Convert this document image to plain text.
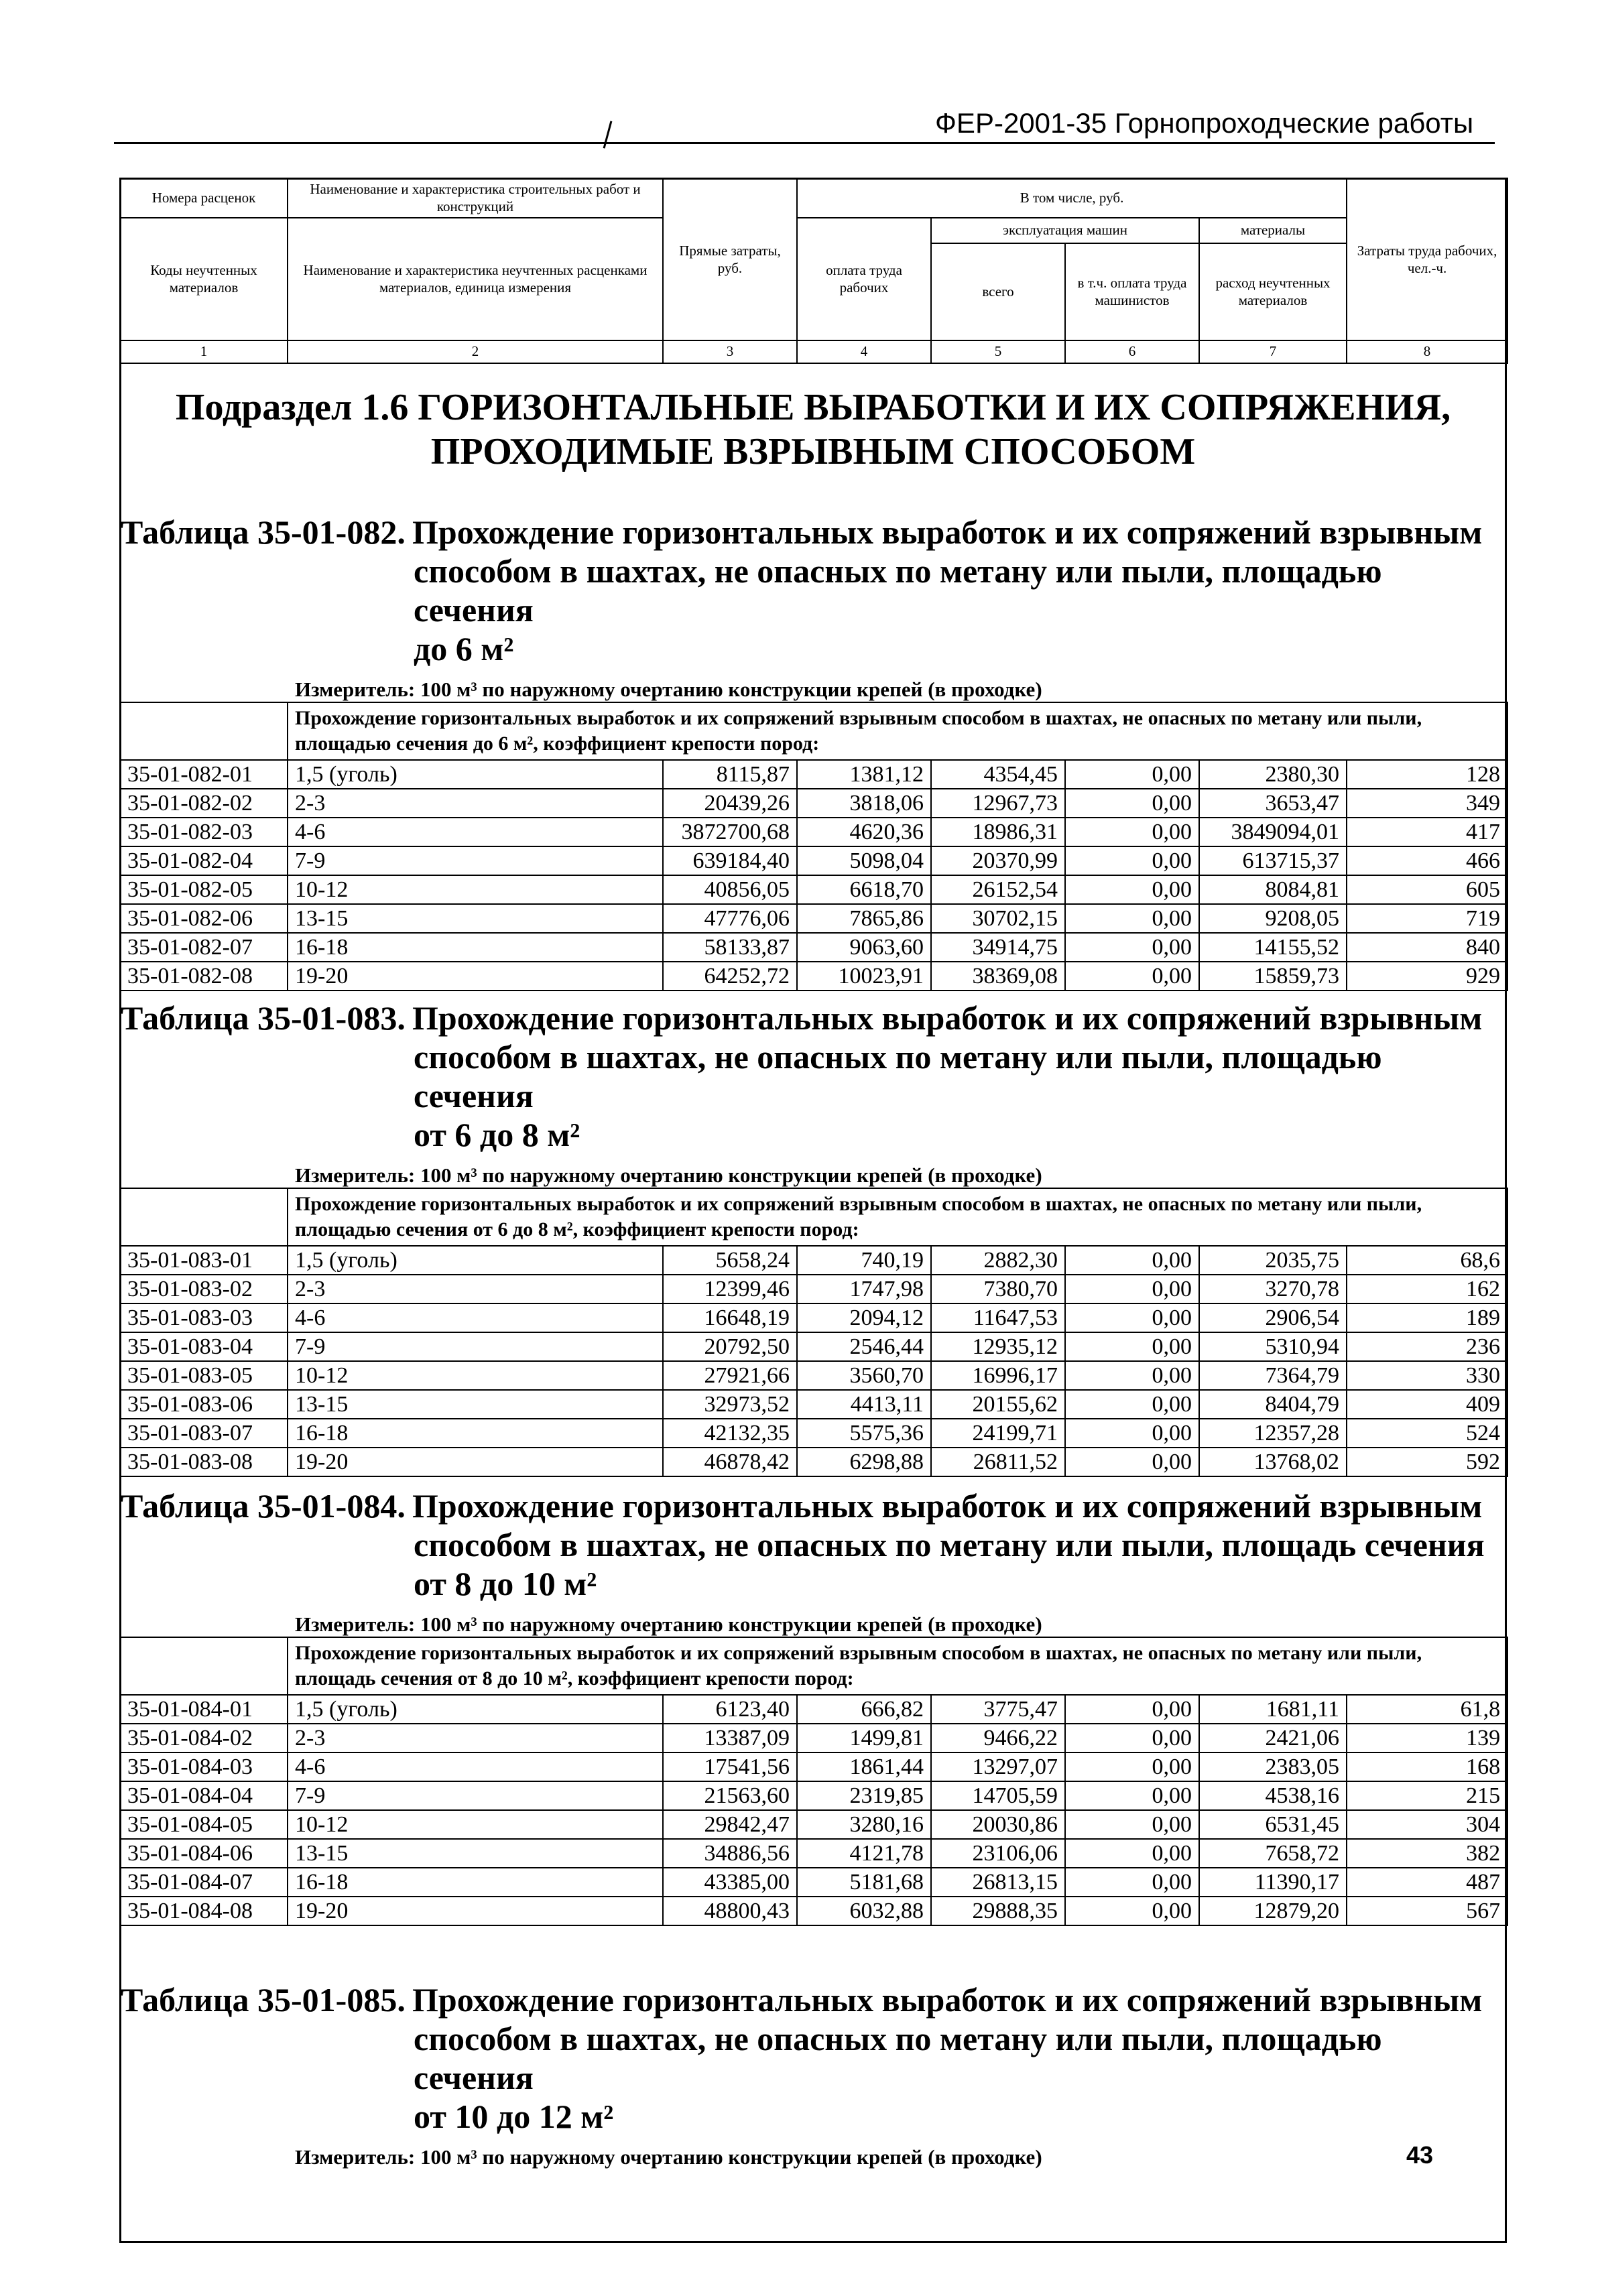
ФЕР-2001-35 Горнопроходческие работы
Номера расценок	Наименование и характеристика строительных работ и конструкций	Прямые затраты, руб.	В том числе, руб.				Затраты труда рабочих, чел.-ч.
Коды неучтенных материалов	Наименование и характеристика неучтенных расценками материалов, единица измерения		оплата труда рабочих	эксплуатация машин		материалы	
				всего	в т.ч. оплата труда машинистов	расход неучтенных материалов	
1	2	3	4	5	6	7	8
Подраздел 1.6 ГОРИЗОНТАЛЬНЫЕ ВЫРАБОТКИ И ИХ СОПРЯЖЕНИЯ,
ПРОХОДИМЫЕ ВЗРЫВНЫМ СПОСОБОМ
Таблица 35-01-082. Прохождение горизонтальных выработок и их сопряжений взрывным
способом в шахтах, не опасных по метану или пыли, площадью сечения
до 6 м²
Измеритель: 100 м³ по наружному очертанию конструкции крепей (в проходке)
	Прохождение горизонтальных выработок и их сопряжений взрывным способом в шахтах, не опасных по метану или пыли, площадью сечения до 6 м², коэффициент крепости пород:						
35-01-082-01	1,5 (уголь)	8115,87	1381,12	4354,45	0,00	2380,30	128
35-01-082-02	2-3	20439,26	3818,06	12967,73	0,00	3653,47	349
35-01-082-03	4-6	3872700,68	4620,36	18986,31	0,00	3849094,01	417
35-01-082-04	7-9	639184,40	5098,04	20370,99	0,00	613715,37	466
35-01-082-05	10-12	40856,05	6618,70	26152,54	0,00	8084,81	605
35-01-082-06	13-15	47776,06	7865,86	30702,15	0,00	9208,05	719
35-01-082-07	16-18	58133,87	9063,60	34914,75	0,00	14155,52	840
35-01-082-08	19-20	64252,72	10023,91	38369,08	0,00	15859,73	929
Таблица 35-01-083. Прохождение горизонтальных выработок и их сопряжений взрывным
способом в шахтах, не опасных по метану или пыли, площадью сечения
от 6 до 8 м²
Измеритель: 100 м³ по наружному очертанию конструкции крепей (в проходке)
	Прохождение горизонтальных выработок и их сопряжений взрывным способом в шахтах, не опасных по метану или пыли, площадью сечения от 6 до 8 м², коэффициент крепости пород:						
35-01-083-01	1,5 (уголь)	5658,24	740,19	2882,30	0,00	2035,75	68,6
35-01-083-02	2-3	12399,46	1747,98	7380,70	0,00	3270,78	162
35-01-083-03	4-6	16648,19	2094,12	11647,53	0,00	2906,54	189
35-01-083-04	7-9	20792,50	2546,44	12935,12	0,00	5310,94	236
35-01-083-05	10-12	27921,66	3560,70	16996,17	0,00	7364,79	330
35-01-083-06	13-15	32973,52	4413,11	20155,62	0,00	8404,79	409
35-01-083-07	16-18	42132,35	5575,36	24199,71	0,00	12357,28	524
35-01-083-08	19-20	46878,42	6298,88	26811,52	0,00	13768,02	592
Таблица 35-01-084. Прохождение горизонтальных выработок и их сопряжений взрывным
способом в шахтах, не опасных по метану или пыли, площадь сечения
от 8 до 10 м²
Измеритель: 100 м³ по наружному очертанию конструкции крепей (в проходке)
	Прохождение горизонтальных выработок и их сопряжений взрывным способом в шахтах, не опасных по метану или пыли, площадь сечения от 8 до 10 м², коэффициент крепости пород:						
35-01-084-01	1,5 (уголь)	6123,40	666,82	3775,47	0,00	1681,11	61,8
35-01-084-02	2-3	13387,09	1499,81	9466,22	0,00	2421,06	139
35-01-084-03	4-6	17541,56	1861,44	13297,07	0,00	2383,05	168
35-01-084-04	7-9	21563,60	2319,85	14705,59	0,00	4538,16	215
35-01-084-05	10-12	29842,47	3280,16	20030,86	0,00	6531,45	304
35-01-084-06	13-15	34886,56	4121,78	23106,06	0,00	7658,72	382
35-01-084-07	16-18	43385,00	5181,68	26813,15	0,00	11390,17	487
35-01-084-08	19-20	48800,43	6032,88	29888,35	0,00	12879,20	567
Таблица 35-01-085. Прохождение горизонтальных выработок и их сопряжений взрывным
способом в шахтах, не опасных по метану или пыли, площадью сечения
от 10 до 12 м²
Измеритель: 100 м³ по наружному очертанию конструкции крепей (в проходке)	43
